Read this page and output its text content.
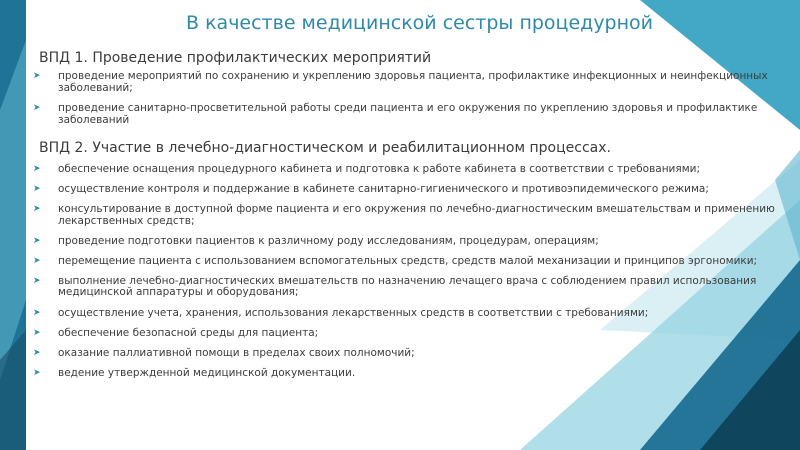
В качестве медицинской сестры процедурной
ВПД 1. Проведение профилактических мероприятий
➤ проведение мероприятий по сохранению и укреплению здоровья пациента, профилактике инфекционных и неинфекционных заболеваний;
➤ проведение санитарно-просветительной работы среди пациента и его окружения по укреплению здоровья и профилактике заболеваний
ВПД 2. Участие в лечебно-диагностическом и реабилитационном процессах.
➤ обеспечение оснащения процедурного кабинета и подготовка к работе кабинета в соответствии с требованиями;
➤ осуществление контроля и поддержание в кабинете санитарно-гигиенического и противоэпидемического режима;
➤ консультирование в доступной форме пациента и его окружения по лечебно-диагностическим вмешательствам и применению лекарственных средств;
➤ проведение подготовки пациентов к различному роду исследованиям, процедурам, операциям;
➤ перемещение пациента с использованием вспомогательных средств, средств малой механизации и принципов эргономики;
➤ выполнение лечебно-диагностических вмешательств по назначению лечащего врача с соблюдением правил использования медицинской аппаратуры и оборудования;
➤ осуществление учета, хранения, использования лекарственных средств в соответствии с требованиями;
➤ обеспечение безопасной среды для пациента;
➤ оказание паллиативной помощи в пределах своих полномочий;
➤ ведение утвержденной медицинской документации.
